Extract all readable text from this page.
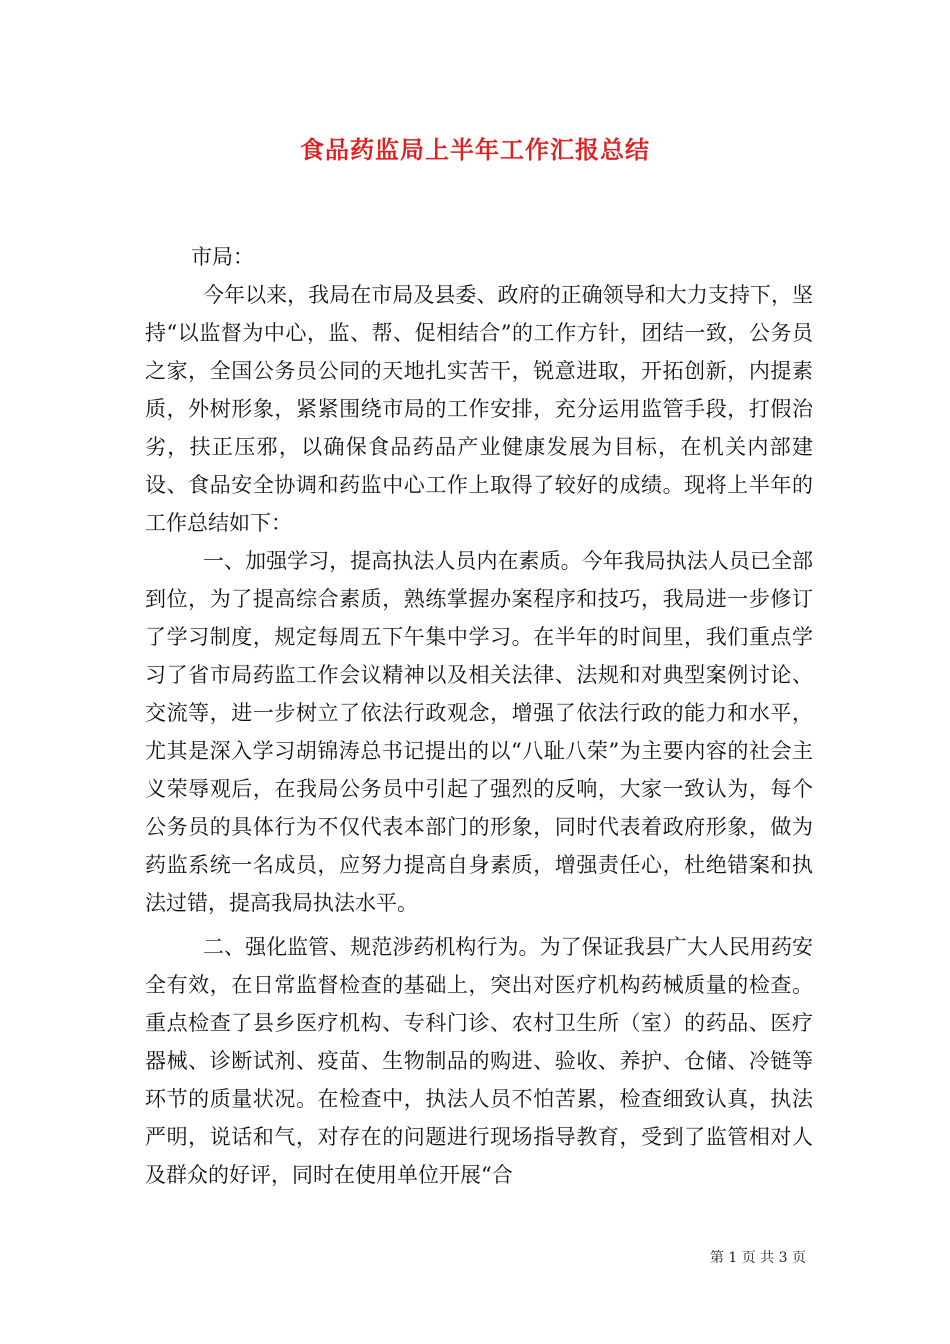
食品药监局上半年工作汇报总结

市局：

今年以来，我局在市局及县委、政府的正确领导和大力支持下，坚持“以监督为中心，监、帮、促相结合”的工作方针，团结一致，公务员之家，全国公务员公同的天地扎实苦干，锐意进取，开拓创新，内提素质，外树形象，紧紧围绕市局的工作安排，充分运用监管手段，打假治劣，扶正压邪，以确保食品药品产业健康发展为目标，在机关内部建设、食品安全协调和药监中心工作上取得了较好的成绩。现将上半年的工作总结如下：

一、加强学习，提高执法人员内在素质。今年我局执法人员已全部到位，为了提高综合素质，熟练掌握办案程序和技巧，我局进一步修订了学习制度，规定每周五下午集中学习。在半年的时间里，我们重点学习了省市局药监工作会议精神以及相关法律、法规和对典型案例讨论、交流等，进一步树立了依法行政观念，增强了依法行政的能力和水平，尤其是深入学习胡锦涛总书记提出的以“八耻八荣”为主要内容的社会主义荣辱观后，在我局公务员中引起了强烈的反响，大家一致认为，每个公务员的具体行为不仅代表本部门的形象，同时代表着政府形象，做为药监系统一名成员，应努力提高自身素质，增强责任心，杜绝错案和执法过错，提高我局执法水平。

二、强化监管、规范涉药机构行为。为了保证我县广大人民用药安全有效，在日常监督检查的基础上，突出对医疗机构药械质量的检查。重点检查了县乡医疗机构、专科门诊、农村卫生所（室）的药品、医疗器械、诊断试剂、疫苗、生物制品的购进、验收、养护、仓储、冷链等环节的质量状况。在检查中，执法人员不怕苦累，检查细致认真，执法严明，说话和气，对存在的问题进行现场指导教育，受到了监管相对人及群众的好评，同时在使用单位开展“合

第 1 页 共 3 页
